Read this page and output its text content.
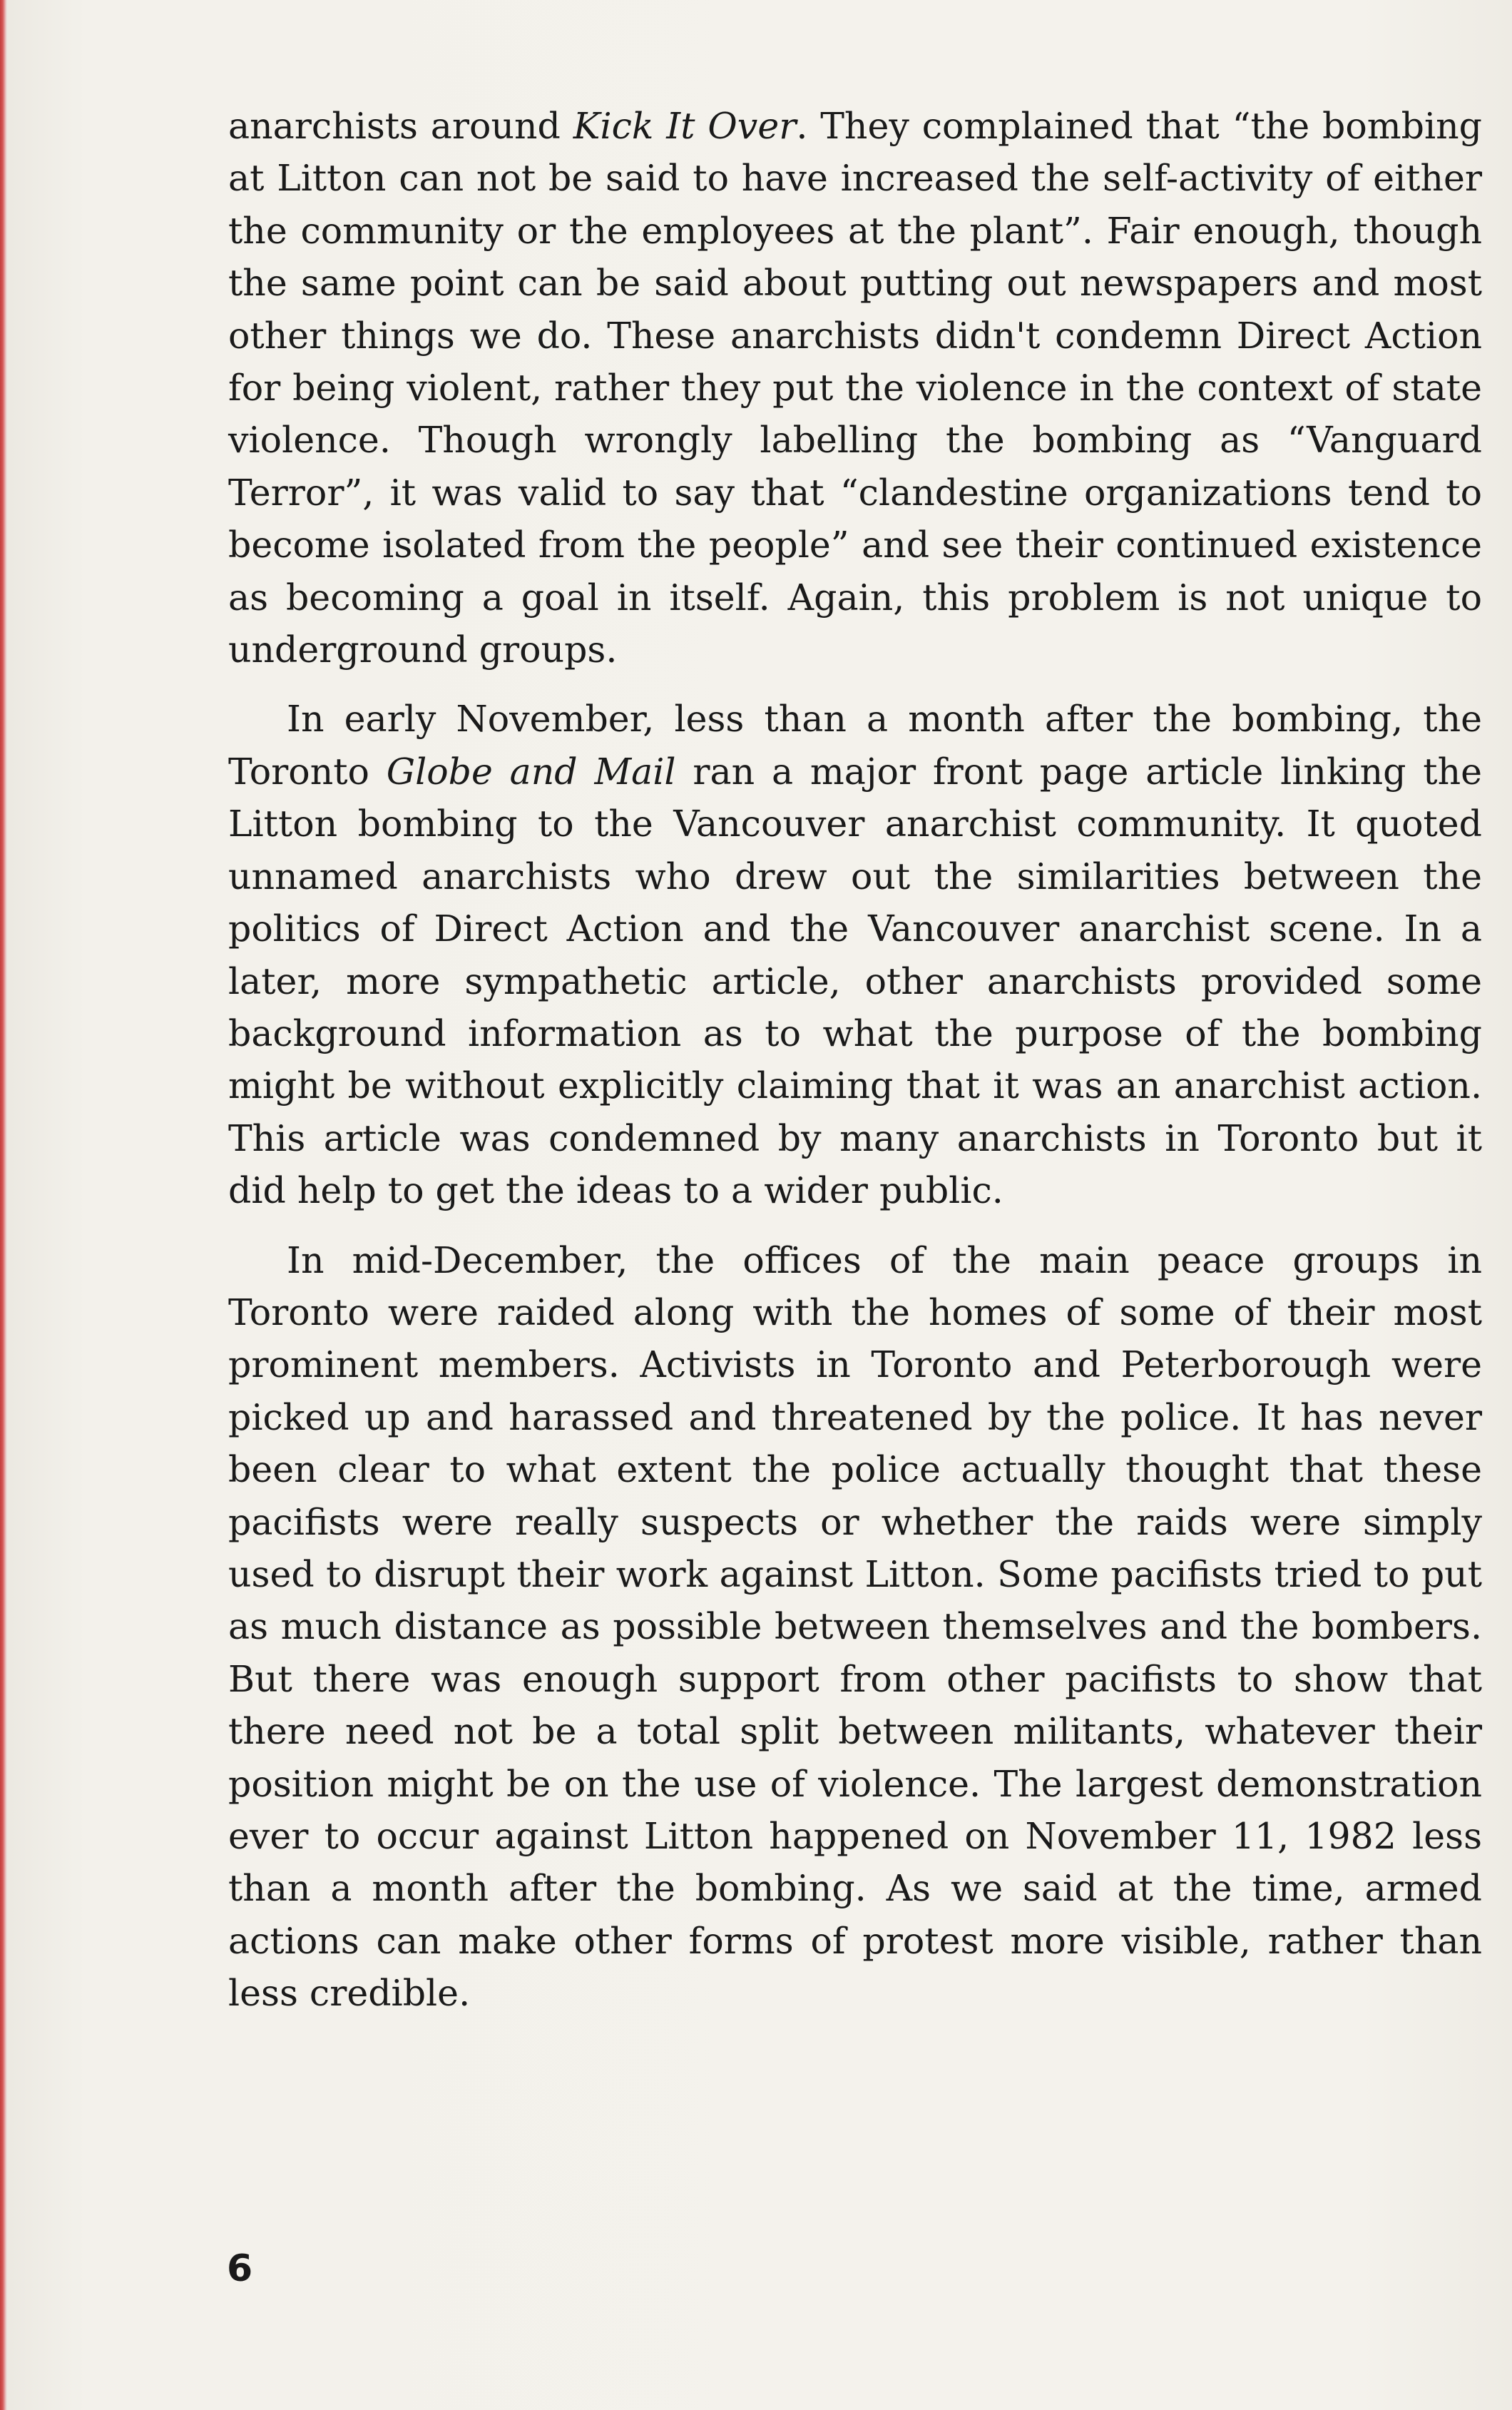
anarchists around Kick It Over. They complained that “the bombing at Litton can not be said to have increased the self-activity of either the community or the employees at the plant”. Fair enough, though the same point can be said about putting out newspapers and most other things we do. These anarchists didn't condemn Direct Action for being violent, rather they put the violence in the context of state violence. Though wrongly labelling the bombing as “Vanguard Terror”, it was valid to say that “clandestine organizations tend to become isolated from the people” and see their continued existence as becoming a goal in itself. Again, this problem is not unique to underground groups.

In early November, less than a month after the bombing, the Toronto Globe and Mail ran a major front page article linking the Litton bombing to the Vancouver anarchist community. It quoted unnamed anarchists who drew out the similarities between the politics of Direct Action and the Vancouver anarchist scene. In a later, more sympathetic article, other anarchists provided some background information as to what the purpose of the bombing might be without explicitly claiming that it was an anarchist action. This article was condemned by many anarchists in Toronto but it did help to get the ideas to a wider public.

In mid-December, the offices of the main peace groups in Toronto were raided along with the homes of some of their most prominent members. Activists in Toronto and Peterborough were picked up and harassed and threatened by the police. It has never been clear to what extent the police actually thought that these pacifists were really suspects or whether the raids were simply used to disrupt their work against Litton. Some pacifists tried to put as much distance as possible between themselves and the bombers. But there was enough support from other pacifists to show that there need not be a total split between militants, whatever their position might be on the use of violence. The largest demonstration ever to occur against Litton happened on November 11, 1982 less than a month after the bombing. As we said at the time, armed actions can make other forms of protest more visible, rather than less credible.

6
